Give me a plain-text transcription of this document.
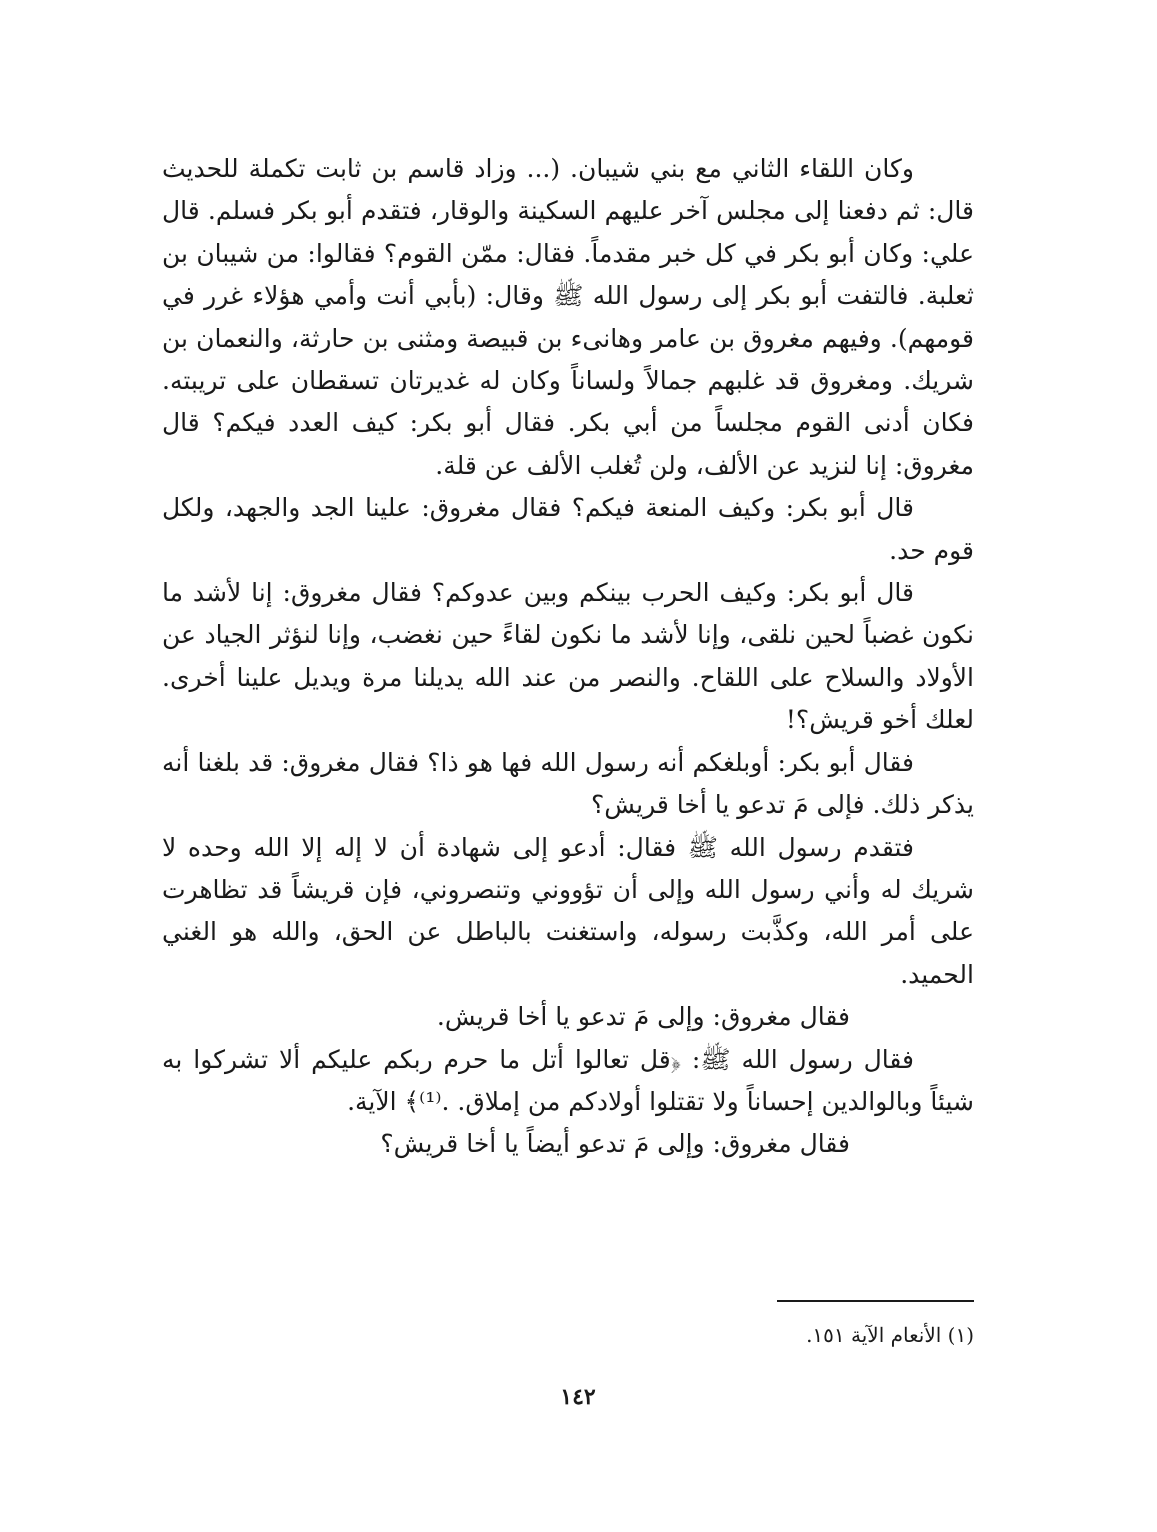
وكان اللقاء الثاني مع بني شيبان. (... وزاد قاسم بن ثابت تكملة للحديث قال: ثم دفعنا إلى مجلس آخر عليهم السكينة والوقار، فتقدم أبو بكر فسلم. قال علي: وكان أبو بكر في كل خبر مقدماً. فقال: ممّن القوم؟ فقالوا: من شيبان بن ثعلبة. فالتفت أبو بكر إلى رسول الله ﷺ وقال: (بأبي أنت وأمي هؤلاء غرر في قومهم). وفيهم مغروق بن عامر وهانىء بن قبيصة ومثنى بن حارثة، والنعمان بن شريك. ومغروق قد غلبهم جمالاً ولساناً وكان له غديرتان تسقطان على تريبته. فكان أدنى القوم مجلساً من أبي بكر. فقال أبو بكر: كيف العدد فيكم؟ قال مغروق: إنا لنزيد عن الألف، ولن تُغلب الألف عن قلة.

قال أبو بكر: وكيف المنعة فيكم؟ فقال مغروق: علينا الجد والجهد، ولكل قوم حد.

قال أبو بكر: وكيف الحرب بينكم وبين عدوكم؟ فقال مغروق: إنا لأشد ما نكون غضباً لحين نلقى، وإنا لأشد ما نكون لقاءً حين نغضب، وإنا لنؤثر الجياد عن الأولاد والسلاح على اللقاح. والنصر من عند الله يديلنا مرة ويديل علينا أخرى. لعلك أخو قريش؟!

فقال أبو بكر: أوبلغكم أنه رسول الله فها هو ذا؟ فقال مغروق: قد بلغنا أنه يذكر ذلك. فإلى مَ تدعو يا أخا قريش؟

فتقدم رسول الله ﷺ فقال: أدعو إلى شهادة أن لا إله إلا الله وحده لا شريك له وأني رسول الله وإلى أن تؤووني وتنصروني، فإن قريشاً قد تظاهرت على أمر الله، وكذَّبت رسوله، واستغنت بالباطل عن الحق، والله هو الغني الحميد.

فقال مغروق: وإلى مَ تدعو يا أخا قريش.

فقال رسول الله ﷺ: ﴿قل تعالوا أتل ما حرم ربكم عليكم ألا تشركوا به شيئاً وبالوالدين إحساناً ولا تقتلوا أولادكم من إملاق. .⁽¹⁾﴾ الآية.

فقال مغروق: وإلى مَ تدعو أيضاً يا أخا قريش؟

(١) الأنعام الآية ١٥١.
١٤٢
